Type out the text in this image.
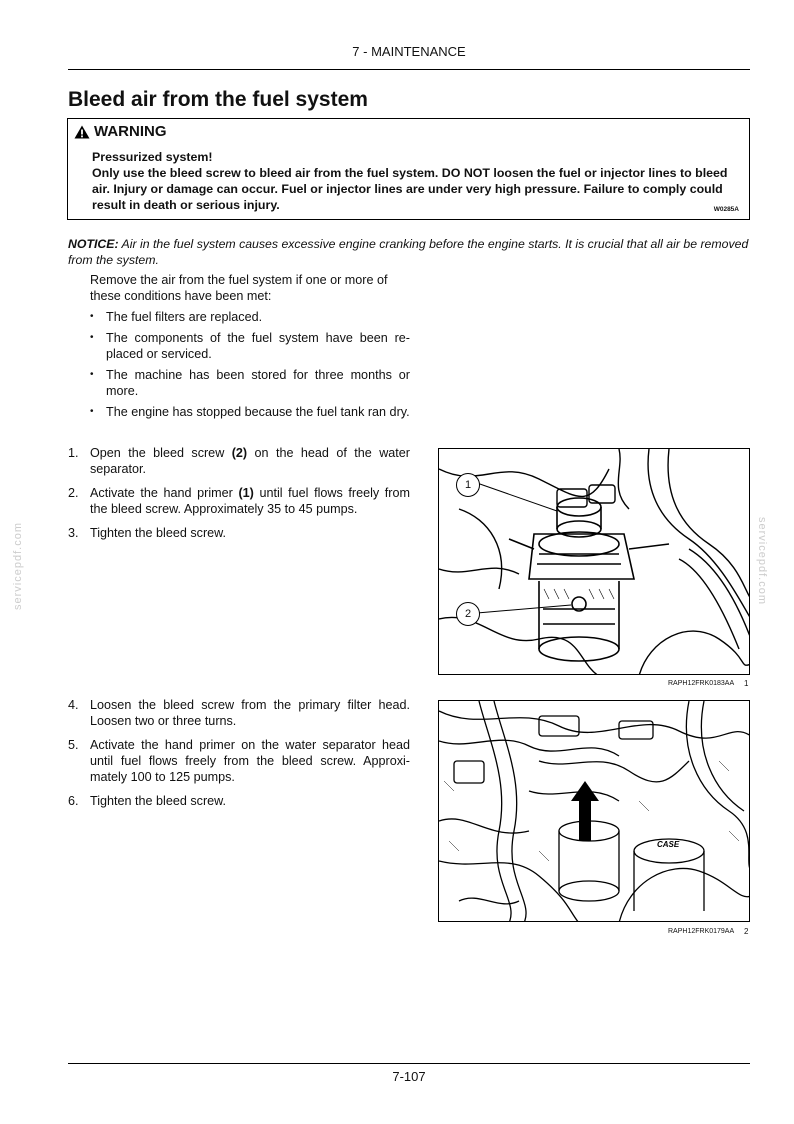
7 - MAINTENANCE
Bleed air from the fuel system
WARNING
Pressurized system!
Only use the bleed screw to bleed air from the fuel system. DO NOT loosen the fuel or injector lines to bleed air. Injury or damage can occur. Fuel or injector lines are under very high pressure. Failure to comply could result in death or serious injury.	W0285A
NOTICE: Air in the fuel system causes excessive engine cranking before the engine starts. It is crucial that all air be removed from the system.
Remove the air from the fuel system if one or more of these conditions have been met:
• The fuel filters are replaced.
• The components of the fuel system have been re-placed or serviced.
• The machine has been stored for three months or more.
• The engine has stopped because the fuel tank ran dry.
1. Open the bleed screw (2) on the head of the water separator.
2. Activate the hand primer (1) until fuel flows freely from the bleed screw. Approximately 35 to 45 pumps.
3. Tighten the bleed screw.
4. Loosen the bleed screw from the primary filter head. Loosen two or three turns.
5. Activate the hand primer on the water separator head until fuel flows freely from the bleed screw. Approxi-mately 100 to 125 pumps.
6. Tighten the bleed screw.
1
2
RAPH12FRK0183AA 1
CASE
RAPH12FRK0179AA 2
servicepdf.com	servicepdf.com
7-107
